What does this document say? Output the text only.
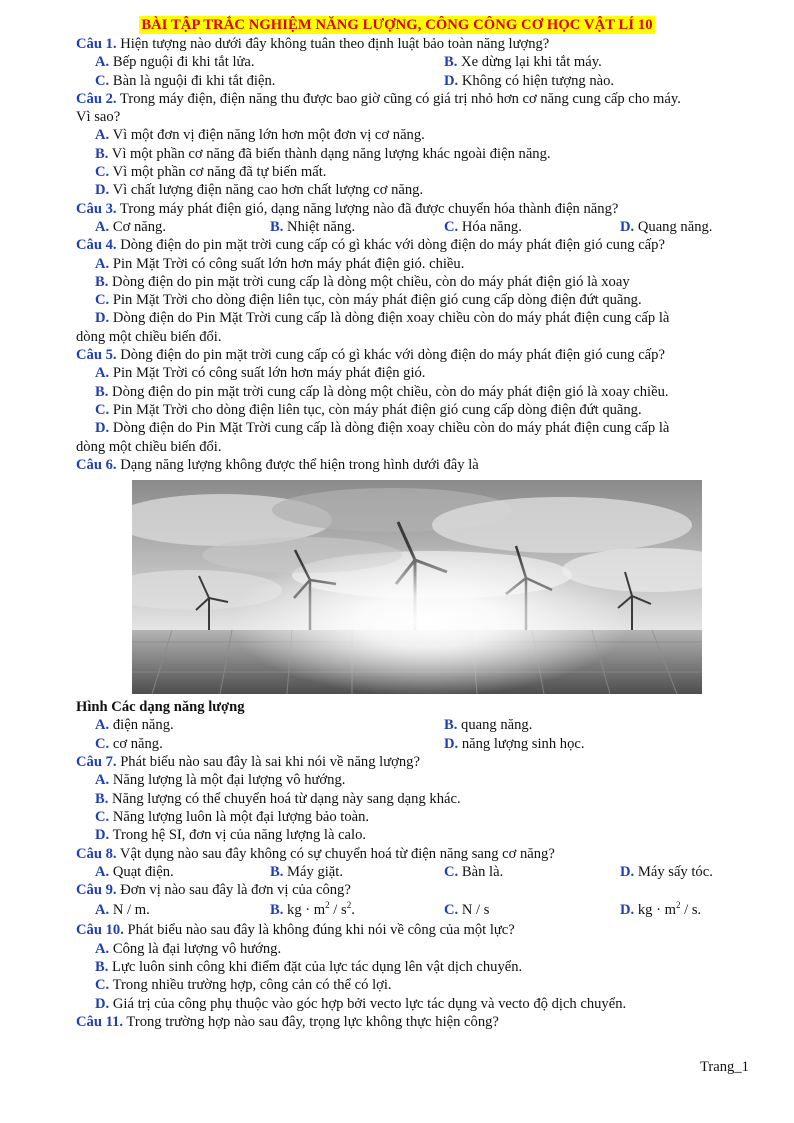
BÀI TẬP TRẮC NGHIỆM NĂNG LƯỢNG, CÔNG CÔNG CƠ HỌC VẬT LÍ 10

Câu 1. Hiện tượng nào dưới đây không tuân theo định luật bảo toàn năng lượng?

A. Bếp nguội đi khi tắt lửa.	B. Xe dừng lại khi tắt máy.
C. Bàn là nguội đi khi tắt điện.	D. Không có hiện tượng nào.

Câu 2. Trong máy điện, điện năng thu được bao giờ cũng có giá trị nhỏ hơn cơ năng cung cấp cho máy.

Vì sao?

A. Vì một đơn vị điện năng lớn hơn một đơn vị cơ năng.

B. Vì một phần cơ năng đã biến thành dạng năng lượng khác ngoài điện năng.

C. Vì một phần cơ năng đã tự biến mất.

D. Vì chất lượng điện năng cao hơn chất lượng cơ năng.

Câu 3. Trong máy phát điện gió, dạng năng lượng nào đã được chuyển hóa thành điện năng?

A. Cơ năng.	B. Nhiệt năng.	C. Hóa năng.	D. Quang năng.

Câu 4. Dòng điện do pin mặt trời cung cấp có gì khác với dòng điện do máy phát điện gió cung cấp?

A. Pin Mặt Trời có công suất lớn hơn máy phát điện gió. chiều.

B. Dòng điện do pin mặt trời cung cấp là dòng một chiều, còn do máy phát điện gió là xoay

C. Pin Mặt Trời cho dòng điện liên tục, còn máy phát điện gió cung cấp dòng điện đứt quãng.

D. Dòng điện do Pin Mặt Trời cung cấp là dòng điện xoay chiều còn do máy phát điện cung cấp là

dòng một chiều biến đổi.

Câu 5. Dòng điện do pin mặt trời cung cấp có gì khác với dòng điện do máy phát điện gió cung cấp?

A. Pin Mặt Trời có công suất lớn hơn máy phát điện gió.

B. Dòng điện do pin mặt trời cung cấp là dòng một chiều, còn do máy phát điện gió là xoay chiều.

C. Pin Mặt Trời cho dòng điện liên tục, còn máy phát điện gió cung cấp dòng điện đứt quãng.

D. Dòng điện do Pin Mặt Trời cung cấp là dòng điện xoay chiều còn do máy phát điện cung cấp là

dòng một chiều biến đổi.

Câu 6. Dạng năng lượng không được thể hiện trong hình dưới đây là

Hình Các dạng năng lượng

A. điện năng.	B. quang năng.
C. cơ năng.	D. năng lượng sinh học.

Câu 7. Phát biểu nào sau đây là sai khi nói về năng lượng?

A. Năng lượng là một đại lượng vô hướng.

B. Năng lượng có thể chuyển hoá từ dạng này sang dạng khác.

C. Năng lượng luôn là một đại lượng bảo toàn.

D. Trong hệ SI, đơn vị của năng lượng là calo.

Câu 8. Vật dụng nào sau đây không có sự chuyển hoá từ điện năng sang cơ năng?

A. Quạt điện.	B. Máy giặt.	C. Bàn là.	D. Máy sấy tóc.

Câu 9. Đơn vị nào sau đây là đơn vị của công?

A. N / m.	B. kg · $m^2 / s^2$.	C. N / s	D. kg · $m^2$ / s.

Câu 10. Phát biểu nào sau đây là không đúng khi nói về công của một lực?

A. Công là đại lượng vô hướng.

B. Lực luôn sinh công khi điểm đặt của lực tác dụng lên vật dịch chuyển.

C. Trong nhiều trường hợp, công cản có thể có lợi.

D. Giá trị của công phụ thuộc vào góc hợp bởi vecto lực tác dụng và vecto độ dịch chuyển.

Câu 11. Trong trường hợp nào sau đây, trọng lực không thực hiện công?

Trang_1
